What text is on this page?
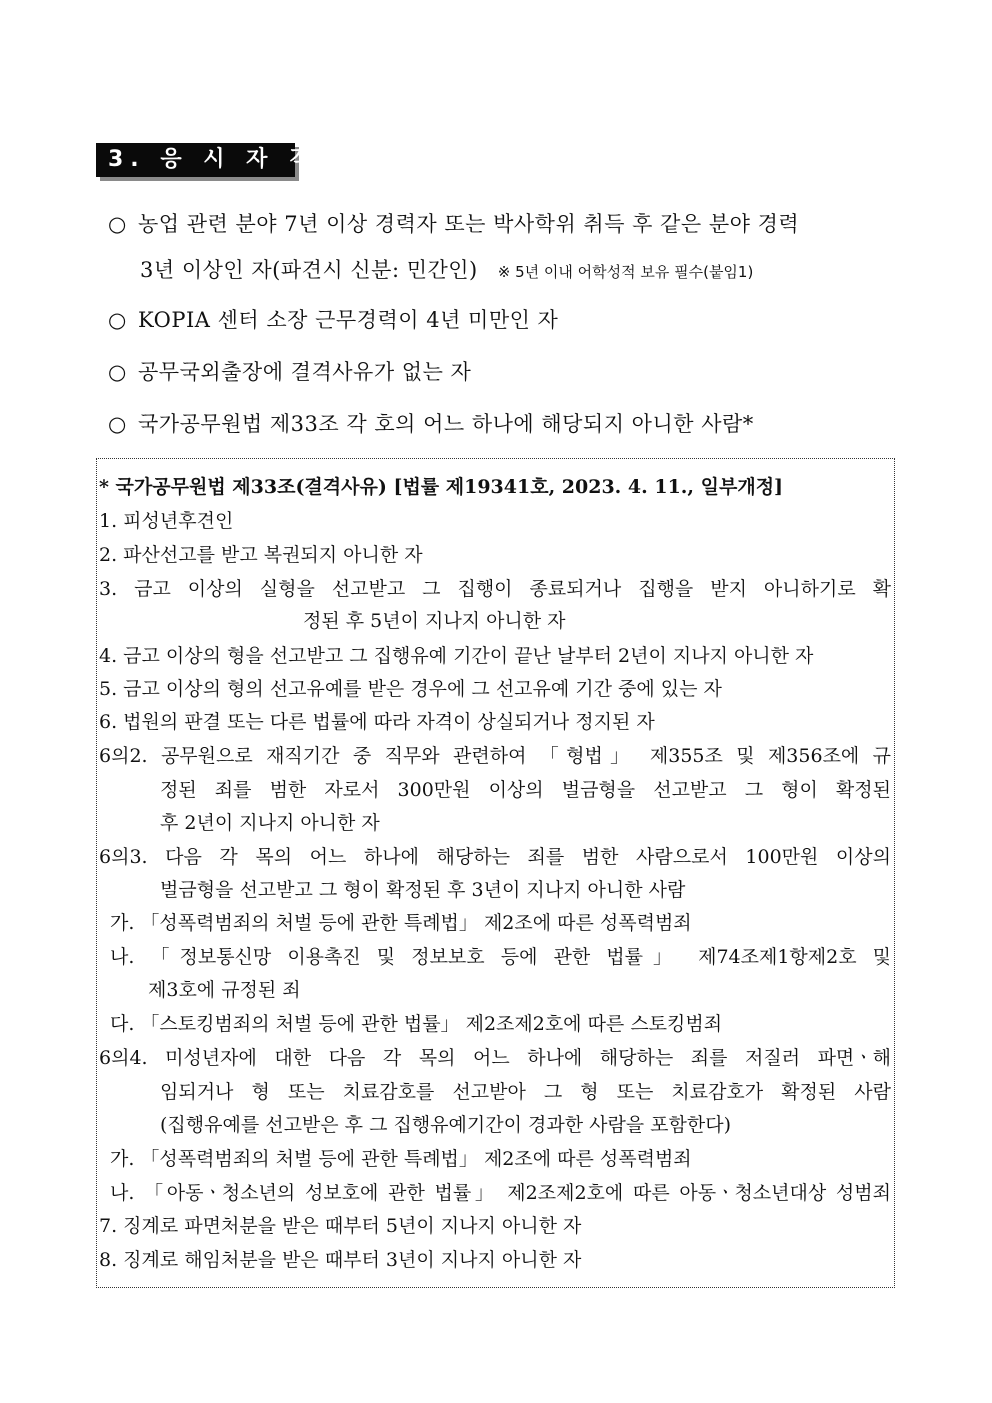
3. 응 시 자 격
○ 농업 관련 분야 7년 이상 경력자 또는 박사학위 취득 후 같은 분야 경력
3년 이상인 자(파견시 신분: 민간인) ※ 5년 이내 어학성적 보유 필수(붙임1)
○ KOPIA 센터 소장 근무경력이 4년 미만인 자
○ 공무국외출장에 결격사유가 없는 자
○ 국가공무원법 제33조 각 호의 어느 하나에 해당되지 아니한 사람*
* 국가공무원법 제33조(결격사유) [법률 제19341호, 2023. 4. 11., 일부개정]
1. 피성년후견인
2. 파산선고를 받고 복권되지 아니한 자
3. 금고 이상의 실형을 선고받고 그 집행이 종료되거나 집행을 받지 아니하기로 확
정된 후 5년이 지나지 아니한 자
4. 금고 이상의 형을 선고받고 그 집행유예 기간이 끝난 날부터 2년이 지나지 아니한 자
5. 금고 이상의 형의 선고유예를 받은 경우에 그 선고유예 기간 중에 있는 자
6. 법원의 판결 또는 다른 법률에 따라 자격이 상실되거나 정지된 자
6의2. 공무원으로 재직기간 중 직무와 관련하여 「형법」 제355조 및 제356조에 규
정된 죄를 범한 자로서 300만원 이상의 벌금형을 선고받고 그 형이 확정된
후 2년이 지나지 아니한 자
6의3. 다음 각 목의 어느 하나에 해당하는 죄를 범한 사람으로서 100만원 이상의
벌금형을 선고받고 그 형이 확정된 후 3년이 지나지 아니한 사람
가. 「성폭력범죄의 처벌 등에 관한 특례법」 제2조에 따른 성폭력범죄
나. 「정보통신망 이용촉진 및 정보보호 등에 관한 법률」 제74조제1항제2호 및
제3호에 규정된 죄
다. 「스토킹범죄의 처벌 등에 관한 법률」 제2조제2호에 따른 스토킹범죄
6의4. 미성년자에 대한 다음 각 목의 어느 하나에 해당하는 죄를 저질러 파면ㆍ해
임되거나 형 또는 치료감호를 선고받아 그 형 또는 치료감호가 확정된 사람
(집행유예를 선고받은 후 그 집행유예기간이 경과한 사람을 포함한다)
가. 「성폭력범죄의 처벌 등에 관한 특례법」 제2조에 따른 성폭력범죄
나. 「아동ㆍ청소년의 성보호에 관한 법률」 제2조제2호에 따른 아동ㆍ청소년대상 성범죄
7. 징계로 파면처분을 받은 때부터 5년이 지나지 아니한 자
8. 징계로 해임처분을 받은 때부터 3년이 지나지 아니한 자
